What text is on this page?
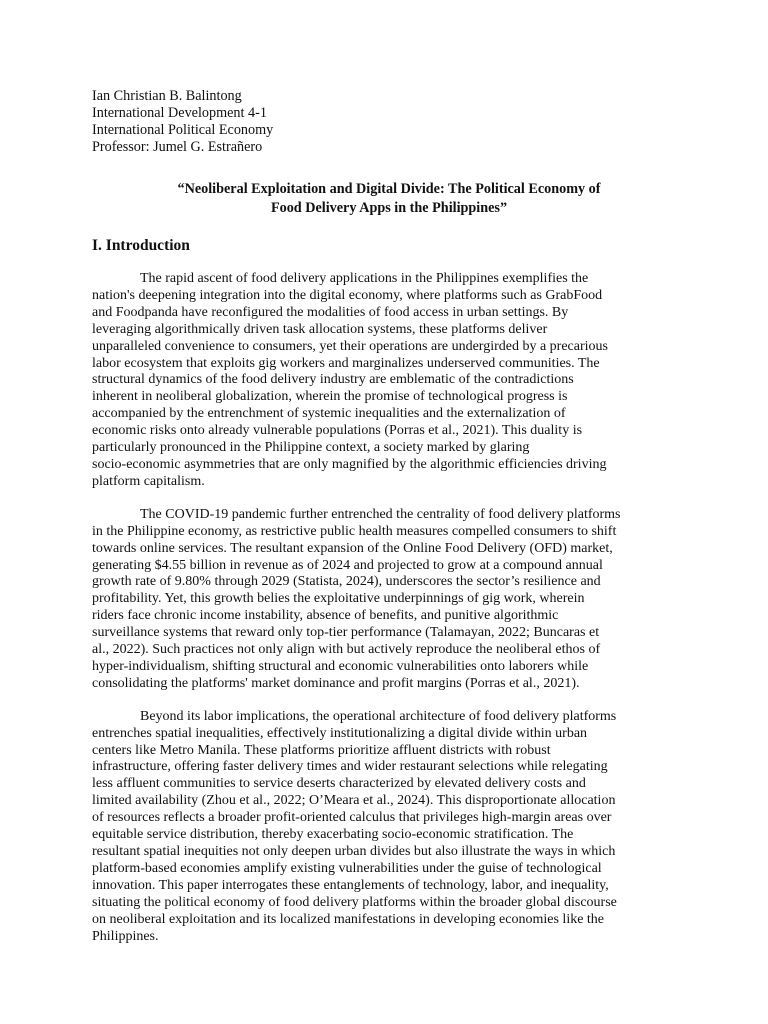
Ian Christian B. Balintong
International Development 4-1
International Political Economy
Professor: Jumel G. Estrañero
“Neoliberal Exploitation and Digital Divide: The Political Economy of
Food Delivery Apps in the Philippines”
I. Introduction
The rapid ascent of food delivery applications in the Philippines exemplifies the
nation's deepening integration into the digital economy, where platforms such as GrabFood
and Foodpanda have reconfigured the modalities of food access in urban settings. By
leveraging algorithmically driven task allocation systems, these platforms deliver
unparalleled convenience to consumers, yet their operations are undergirded by a precarious
labor ecosystem that exploits gig workers and marginalizes underserved communities. The
structural dynamics of the food delivery industry are emblematic of the contradictions
inherent in neoliberal globalization, wherein the promise of technological progress is
accompanied by the entrenchment of systemic inequalities and the externalization of
economic risks onto already vulnerable populations (Porras et al., 2021). This duality is
particularly pronounced in the Philippine context, a society marked by glaring
socio-economic asymmetries that are only magnified by the algorithmic efficiencies driving
platform capitalism.
The COVID-19 pandemic further entrenched the centrality of food delivery platforms
in the Philippine economy, as restrictive public health measures compelled consumers to shift
towards online services. The resultant expansion of the Online Food Delivery (OFD) market,
generating $4.55 billion in revenue as of 2024 and projected to grow at a compound annual
growth rate of 9.80% through 2029 (Statista, 2024), underscores the sector’s resilience and
profitability. Yet, this growth belies the exploitative underpinnings of gig work, wherein
riders face chronic income instability, absence of benefits, and punitive algorithmic
surveillance systems that reward only top-tier performance (Talamayan, 2022; Buncaras et
al., 2022). Such practices not only align with but actively reproduce the neoliberal ethos of
hyper-individualism, shifting structural and economic vulnerabilities onto laborers while
consolidating the platforms' market dominance and profit margins (Porras et al., 2021).
Beyond its labor implications, the operational architecture of food delivery platforms
entrenches spatial inequalities, effectively institutionalizing a digital divide within urban
centers like Metro Manila. These platforms prioritize affluent districts with robust
infrastructure, offering faster delivery times and wider restaurant selections while relegating
less affluent communities to service deserts characterized by elevated delivery costs and
limited availability (Zhou et al., 2022; O’Meara et al., 2024). This disproportionate allocation
of resources reflects a broader profit-oriented calculus that privileges high-margin areas over
equitable service distribution, thereby exacerbating socio-economic stratification. The
resultant spatial inequities not only deepen urban divides but also illustrate the ways in which
platform-based economies amplify existing vulnerabilities under the guise of technological
innovation. This paper interrogates these entanglements of technology, labor, and inequality,
situating the political economy of food delivery platforms within the broader global discourse
on neoliberal exploitation and its localized manifestations in developing economies like the
Philippines.
